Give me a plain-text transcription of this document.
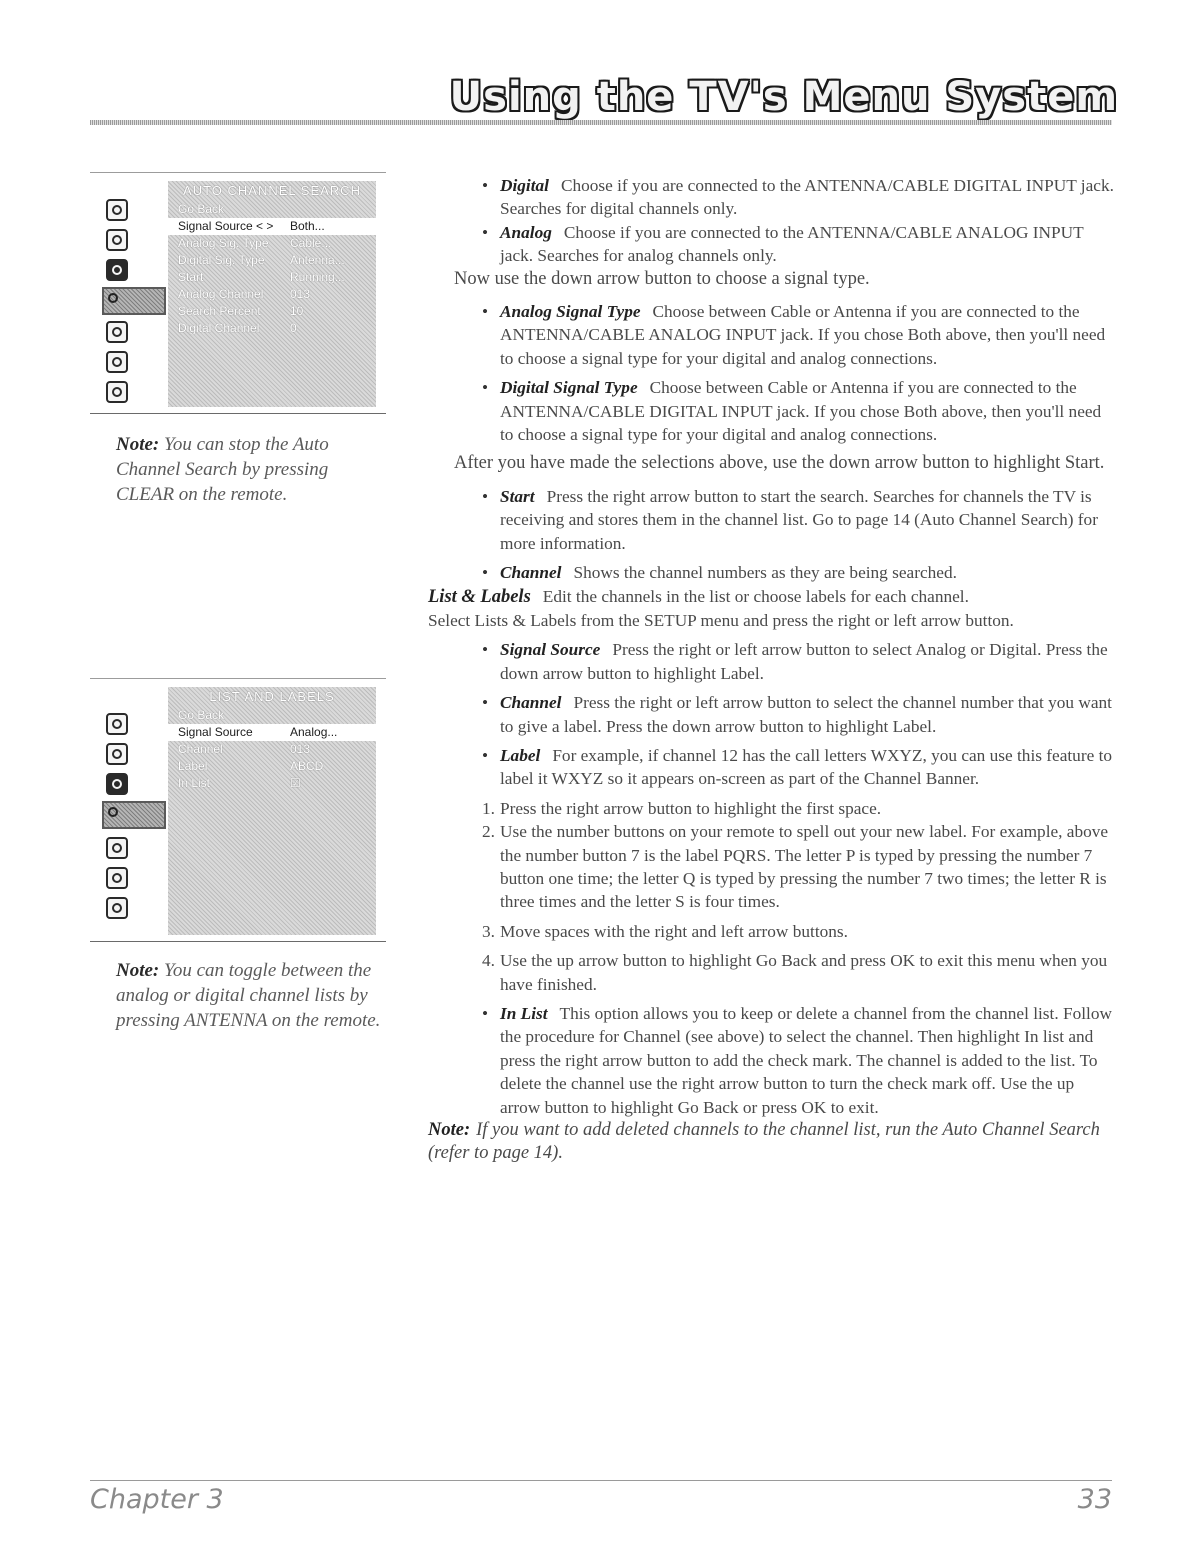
Using the TV's Menu System
AUTO CHANNEL SEARCH
Go Back
Signal Source < >	Both...
Analog Sig. Type	Cable...
Digital Sig. Type	Antenna...
Start	Running...
Analog Channel	013
Search Percent	10
Digital Channel	0
Note: You can stop the Auto Channel Search by pressing CLEAR on the remote.
LIST AND LABELS
Go Back
Signal Source	Analog...
Channel	013
Label	ABCD
In List	☑
Note: You can toggle between the analog or digital channel lists by pressing ANTENNA on the remote.

• Digital Choose if you are connected to the ANTENNA/CABLE DIGITAL INPUT jack. Searches for digital channels only.

• Analog Choose if you are connected to the ANTENNA/CABLE ANALOG INPUT jack. Searches for analog channels only.

Now use the down arrow button to choose a signal type.

• Analog Signal Type Choose between Cable or Antenna if you are connected to the ANTENNA/CABLE ANALOG INPUT jack. If you chose Both above, then you'll need to choose a signal type for your digital and analog connections.

• Digital Signal Type Choose between Cable or Antenna if you are connected to the ANTENNA/CABLE DIGITAL INPUT jack. If you chose Both above, then you'll need to choose a signal type for your digital and analog connections.

After you have made the selections above, use the down arrow button to highlight Start.

• Start Press the right arrow button to start the search. Searches for channels the TV is receiving and stores them in the channel list. Go to page 14 (Auto Channel Search) for more information.

• Channel Shows the channel numbers as they are being searched.

List & Labels Edit the channels in the list or choose labels for each channel.

Select Lists & Labels from the SETUP menu and press the right or left arrow button.

• Signal Source Press the right or left arrow button to select Analog or Digital. Press the down arrow button to highlight Label.

• Channel Press the right or left arrow button to select the channel number that you want to give a label. Press the down arrow button to highlight Label.

• Label For example, if channel 12 has the call letters WXYZ, you can use this feature to label it WXYZ so it appears on-screen as part of the Channel Banner.

1. Press the right arrow button to highlight the first space.

2. Use the number buttons on your remote to spell out your new label. For example, above the number button 7 is the label PQRS. The letter P is typed by pressing the number 7 button one time; the letter Q is typed by pressing the number 7 two times; the letter R is three times and the letter S is four times.

3. Move spaces with the right and left arrow buttons.

4. Use the up arrow button to highlight Go Back and press OK to exit this menu when you have finished.

• In List This option allows you to keep or delete a channel from the channel list. Follow the procedure for Channel (see above) to select the channel. Then highlight In list and press the right arrow button to add the check mark. The channel is added to the list. To delete the channel use the right arrow button to turn the check mark off. Use the up arrow button to highlight Go Back or press OK to exit.

Note: If you want to add deleted channels to the channel list, run the Auto Channel Search (refer to page 14).

Chapter 3	33
